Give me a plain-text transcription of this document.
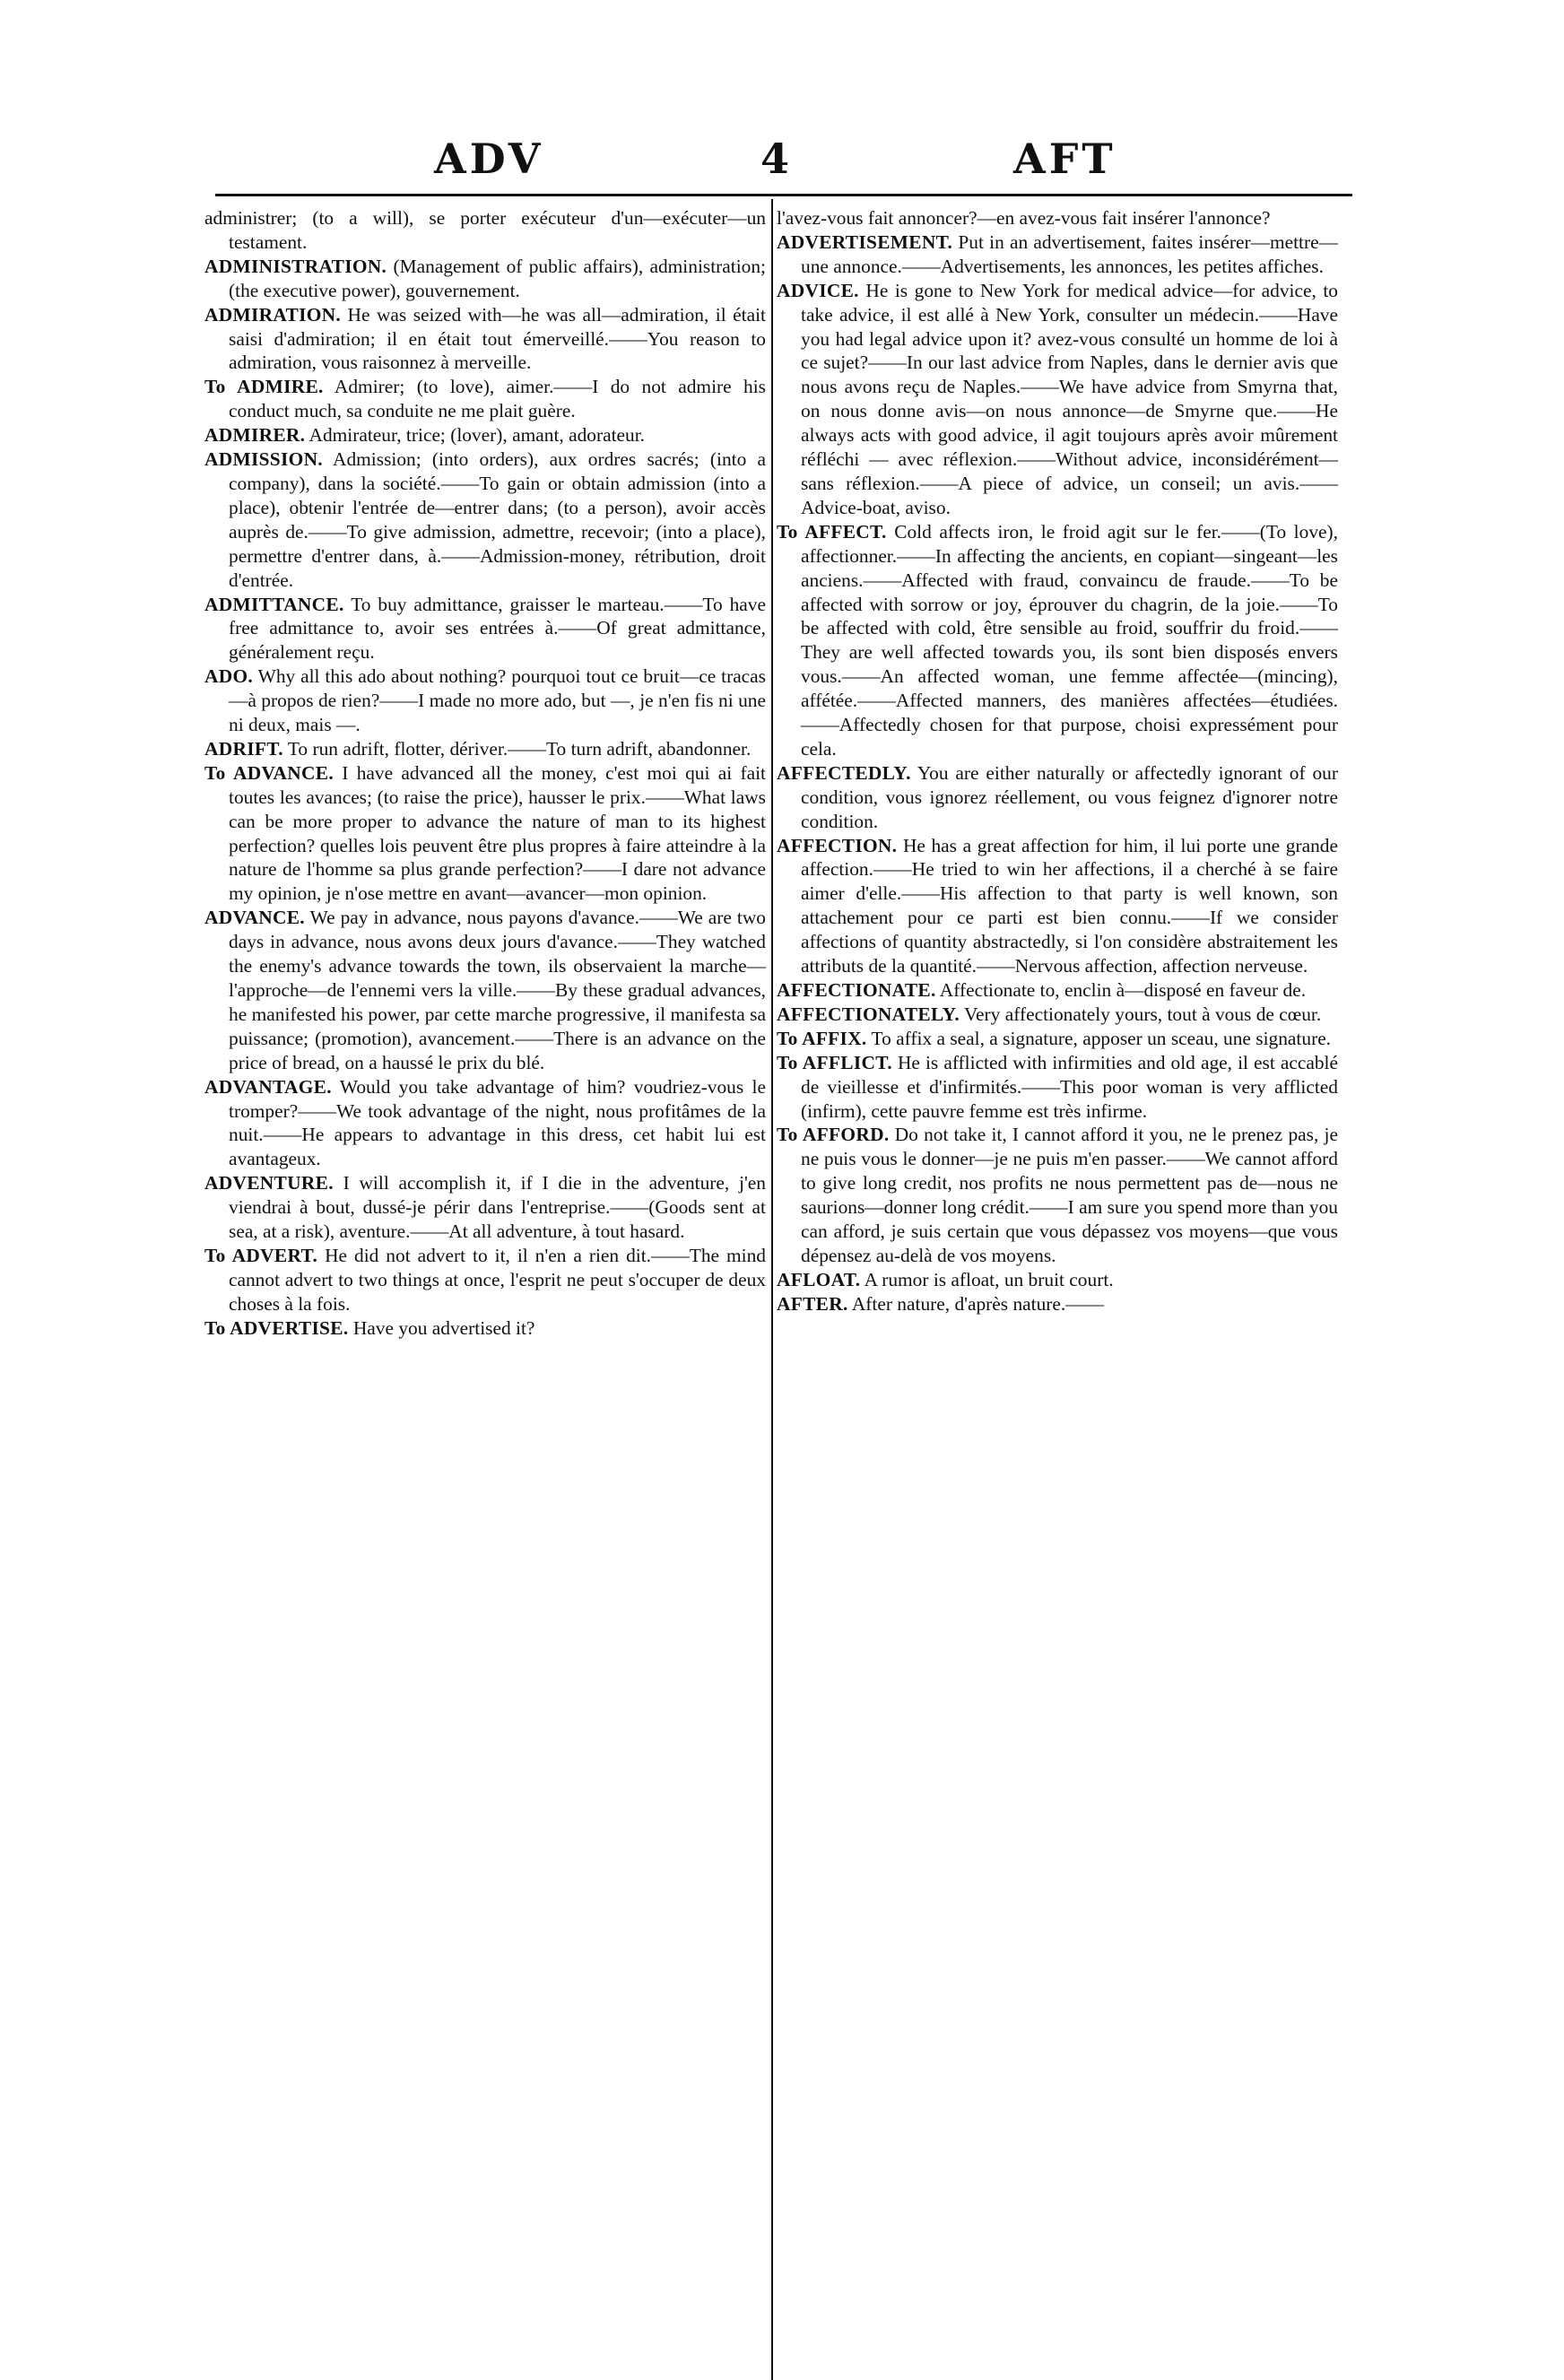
ADV	4	AFT

administrer; (to a will), se porter exécuteur d'un—exécuter—un testament.

ADMINISTRATION. (Management of public affairs), administration; (the executive power), gouvernement.

ADMIRATION. He was seized with—he was all—admiration, il était saisi d'admiration; il en était tout émerveillé.——You reason to admiration, vous raisonnez à merveille.

To ADMIRE. Admirer; (to love), aimer.——I do not admire his conduct much, sa conduite ne me plait guère.

ADMIRER. Admirateur, trice; (lover), amant, adorateur.

ADMISSION. Admission; (into orders), aux ordres sacrés; (into a company), dans la société.——To gain or obtain admission (into a place), obtenir l'entrée de—entrer dans; (to a person), avoir accès auprès de.——To give admission, admettre, recevoir; (into a place), permettre d'entrer dans, à.——Admission-money, rétribution, droit d'entrée.

ADMITTANCE. To buy admittance, graisser le marteau.——To have free admittance to, avoir ses entrées à.——Of great admittance, généralement reçu.

ADO. Why all this ado about nothing? pourquoi tout ce bruit—ce tracas—à propos de rien?——I made no more ado, but —, je n'en fis ni une ni deux, mais —.

ADRIFT. To run adrift, flotter, dériver.——To turn adrift, abandonner.

To ADVANCE. I have advanced all the money, c'est moi qui ai fait toutes les avances; (to raise the price), hausser le prix.——What laws can be more proper to advance the nature of man to its highest perfection? quelles lois peuvent être plus propres à faire atteindre à la nature de l'homme sa plus grande perfection?——I dare not advance my opinion, je n'ose mettre en avant—avancer—mon opinion.

ADVANCE. We pay in advance, nous payons d'avance.——We are two days in advance, nous avons deux jours d'avance.——They watched the enemy's advance towards the town, ils observaient la marche—l'approche—de l'ennemi vers la ville.——By these gradual advances, he manifested his power, par cette marche progressive, il manifesta sa puissance; (promotion), avancement.——There is an advance on the price of bread, on a haussé le prix du blé.

ADVANTAGE. Would you take advantage of him? voudriez-vous le tromper?——We took advantage of the night, nous profitâmes de la nuit.——He appears to advantage in this dress, cet habit lui est avantageux.

ADVENTURE. I will accomplish it, if I die in the adventure, j'en viendrai à bout, dussé-je périr dans l'entreprise.——(Goods sent at sea, at a risk), aventure.——At all adventure, à tout hasard.

To ADVERT. He did not advert to it, il n'en a rien dit.——The mind cannot advert to two things at once, l'esprit ne peut s'occuper de deux choses à la fois.

To ADVERTISE. Have you advertised it?

l'avez-vous fait annoncer?—en avez-vous fait insérer l'annonce?

ADVERTISEMENT. Put in an advertisement, faites insérer—mettre—une annonce.——Advertisements, les annonces, les petites affiches.

ADVICE. He is gone to New York for medical advice—for advice, to take advice, il est allé à New York, consulter un médecin.——Have you had legal advice upon it? avez-vous consulté un homme de loi à ce sujet?——In our last advice from Naples, dans le dernier avis que nous avons reçu de Naples.——We have advice from Smyrna that, on nous donne avis—on nous annonce—de Smyrne que.——He always acts with good advice, il agit toujours après avoir mûrement réfléchi — avec réflexion.——Without advice, inconsidérément—sans réflexion.——A piece of advice, un conseil; un avis.——Advice-boat, aviso.

To AFFECT. Cold affects iron, le froid agit sur le fer.——(To love), affectionner.——In affecting the ancients, en copiant—singeant—les anciens.——Affected with fraud, convaincu de fraude.——To be affected with sorrow or joy, éprouver du chagrin, de la joie.——To be affected with cold, être sensible au froid, souffrir du froid.——They are well affected towards you, ils sont bien disposés envers vous.——An affected woman, une femme affectée—(mincing), affétée.——Affected manners, des manières affectées—étudiées.——Affectedly chosen for that purpose, choisi expressément pour cela.

AFFECTEDLY. You are either naturally or affectedly ignorant of our condition, vous ignorez réellement, ou vous feignez d'ignorer notre condition.

AFFECTION. He has a great affection for him, il lui porte une grande affection.——He tried to win her affections, il a cherché à se faire aimer d'elle.——His affection to that party is well known, son attachement pour ce parti est bien connu.——If we consider affections of quantity abstractedly, si l'on considère abstraitement les attributs de la quantité.——Nervous affection, affection nerveuse.

AFFECTIONATE. Affectionate to, enclin à—disposé en faveur de.

AFFECTIONATELY. Very affectionately yours, tout à vous de cœur.

To AFFIX. To affix a seal, a signature, apposer un sceau, une signature.

To AFFLICT. He is afflicted with infirmities and old age, il est accablé de vieillesse et d'infirmités.——This poor woman is very afflicted (infirm), cette pauvre femme est très infirme.

To AFFORD. Do not take it, I cannot afford it you, ne le prenez pas, je ne puis vous le donner—je ne puis m'en passer.——We cannot afford to give long credit, nos profits ne nous permettent pas de—nous ne saurions—donner long crédit.——I am sure you spend more than you can afford, je suis certain que vous dépassez vos moyens—que vous dépensez au-delà de vos moyens.

AFLOAT. A rumor is afloat, un bruit court.

AFTER. After nature, d'après nature.——
